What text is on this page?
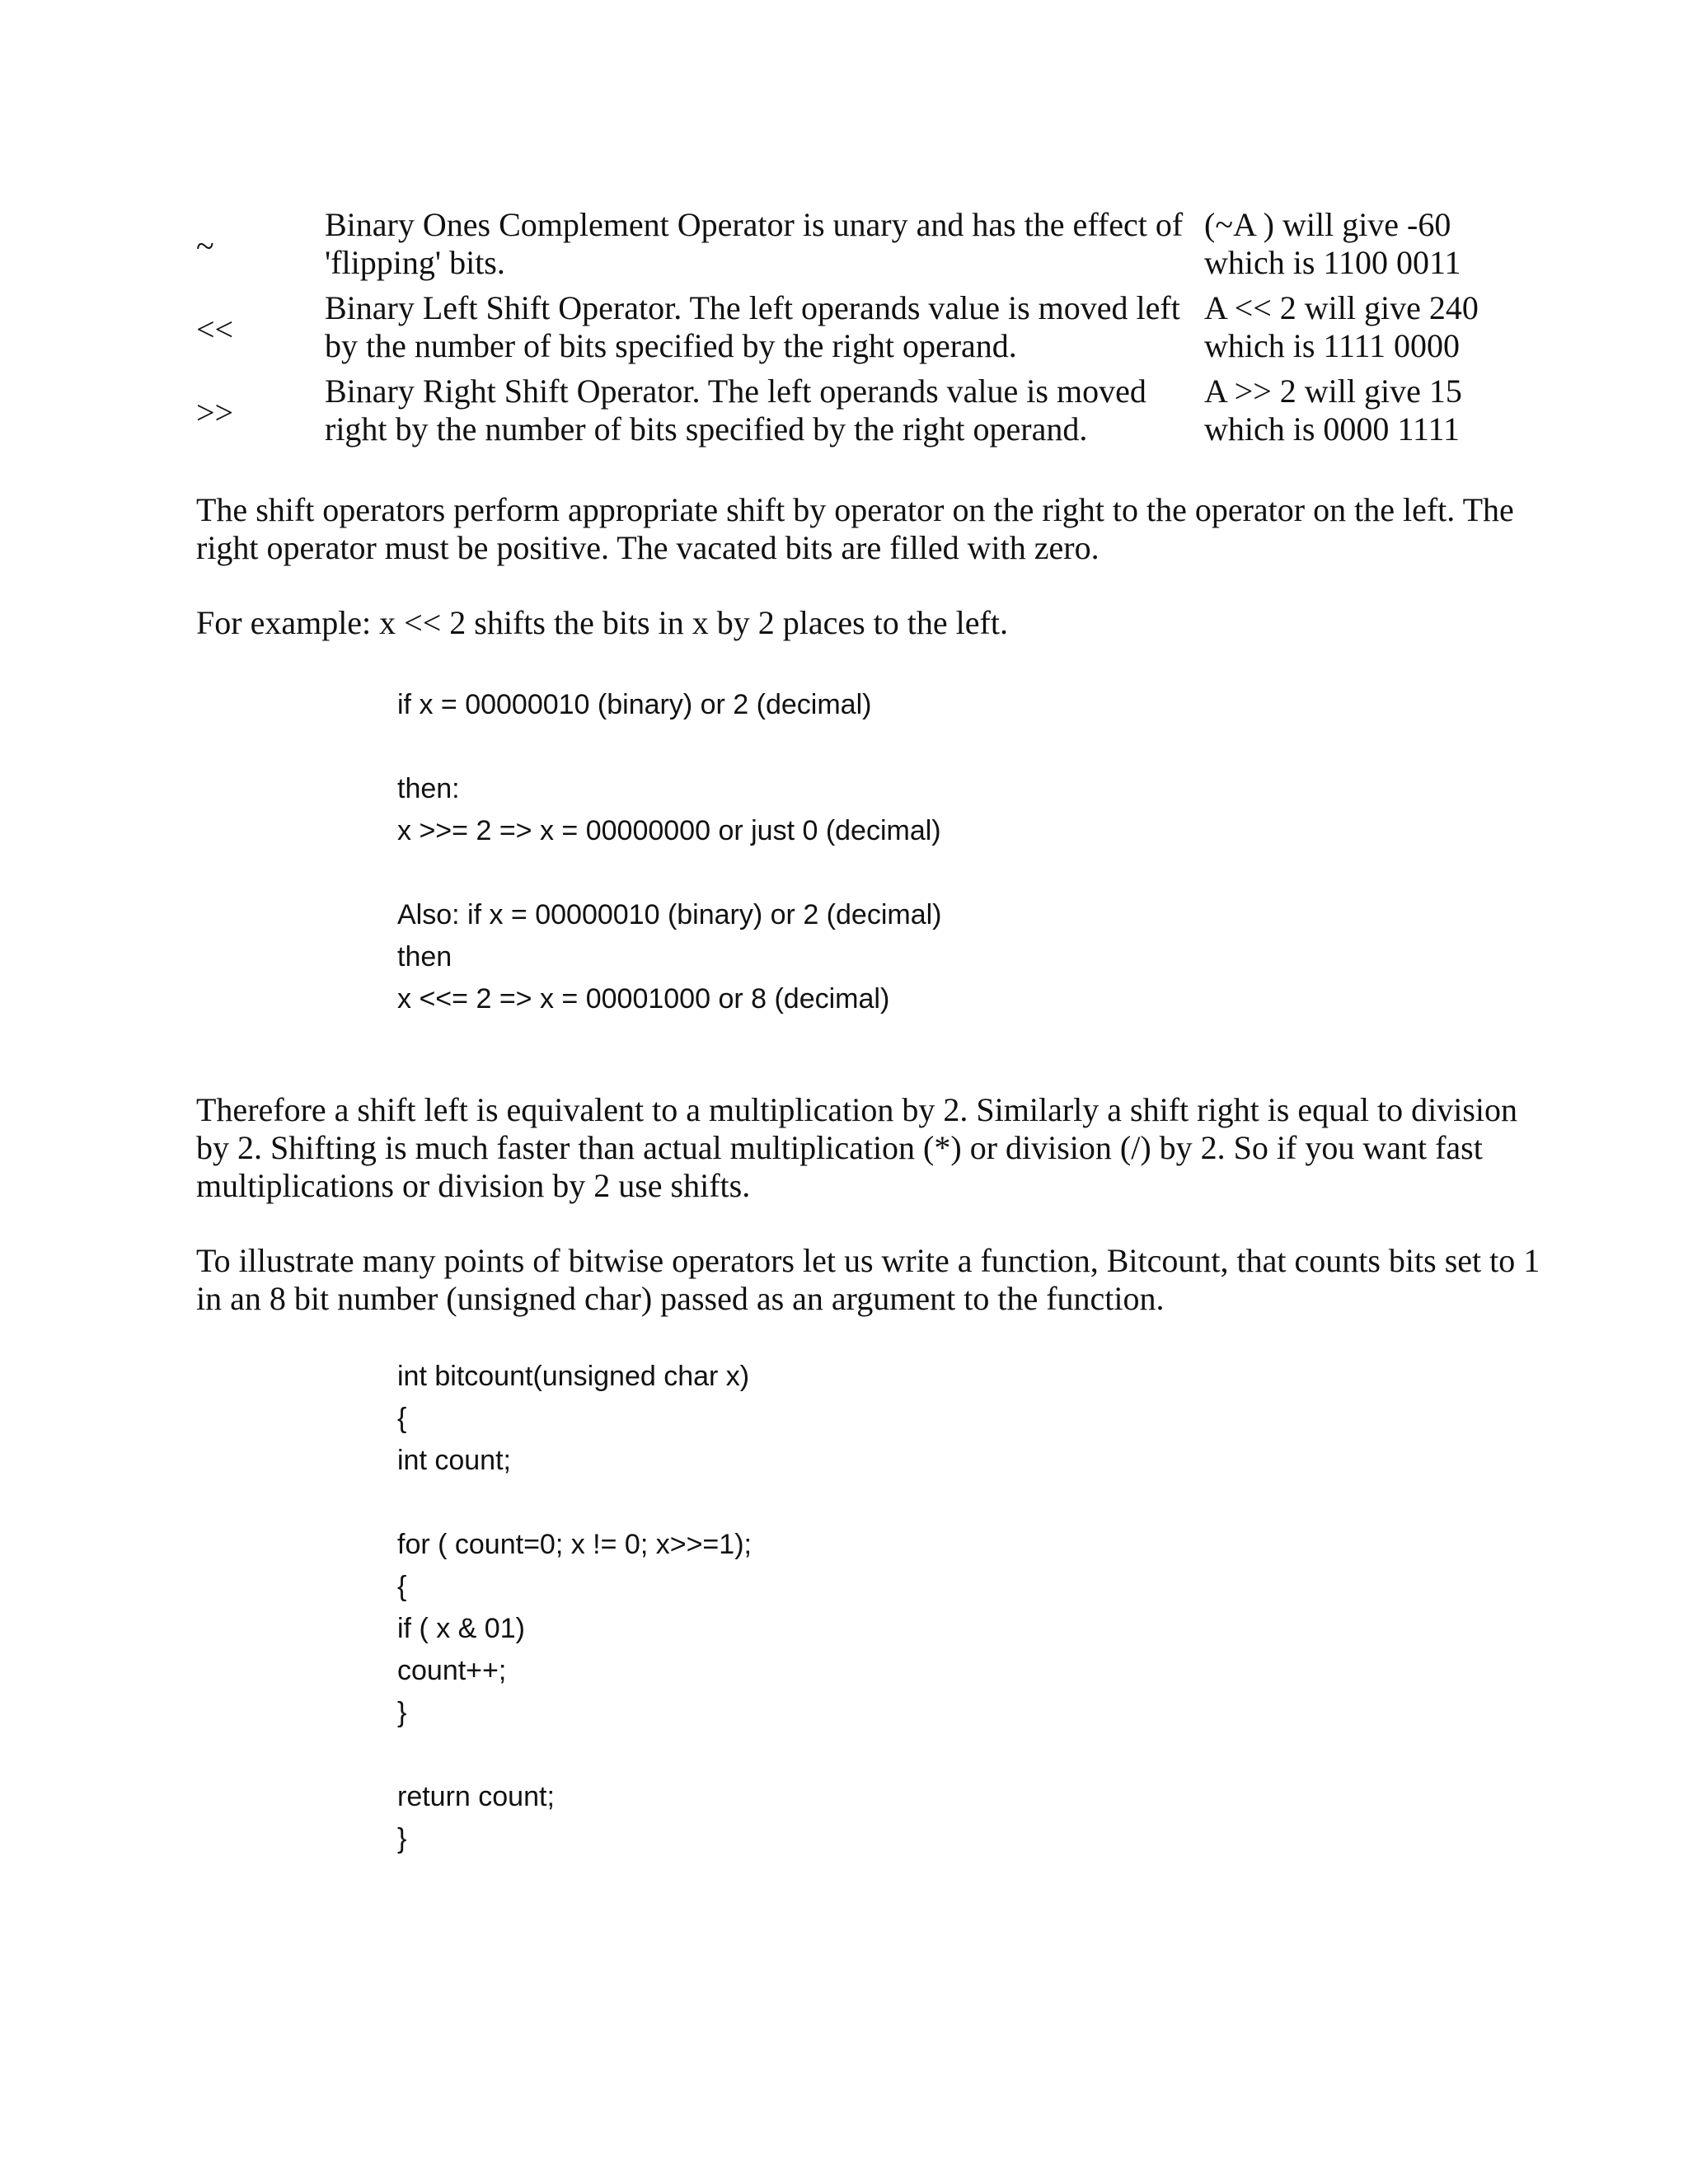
~
Binary Ones Complement Operator is unary and has the effect of
'flipping' bits.
(~A ) will give -60
which is 1100 0011
<<
Binary Left Shift Operator. The left operands value is moved left
by the number of bits specified by the right operand.
A << 2 will give 240
which is 1111 0000
>>
Binary Right Shift Operator. The left operands value is moved
right by the number of bits specified by the right operand.
A >> 2 will give 15
which is 0000 1111
The shift operators perform appropriate shift by operator on the right to the operator on the left. The
right operator must be positive. The vacated bits are filled with zero.
For example: x << 2 shifts the bits in x by 2 places to the left.
if x = 00000010 (binary) or 2 (decimal)
then:
x >>= 2 => x = 00000000 or just 0 (decimal)
Also: if x = 00000010 (binary) or 2 (decimal)
then
x <<= 2 => x = 00001000 or 8 (decimal)
Therefore a shift left is equivalent to a multiplication by 2. Similarly a shift right is equal to division
by 2. Shifting is much faster than actual multiplication (*) or division (/) by 2. So if you want fast
multiplications or division by 2 use shifts.
To illustrate many points of bitwise operators let us write a function, Bitcount, that counts bits set to 1
in an 8 bit number (unsigned char) passed as an argument to the function.
int bitcount(unsigned char x)
{
int count;
for ( count=0; x != 0; x>>=1);
{
if ( x & 01)
count++;
}
return count;
}
